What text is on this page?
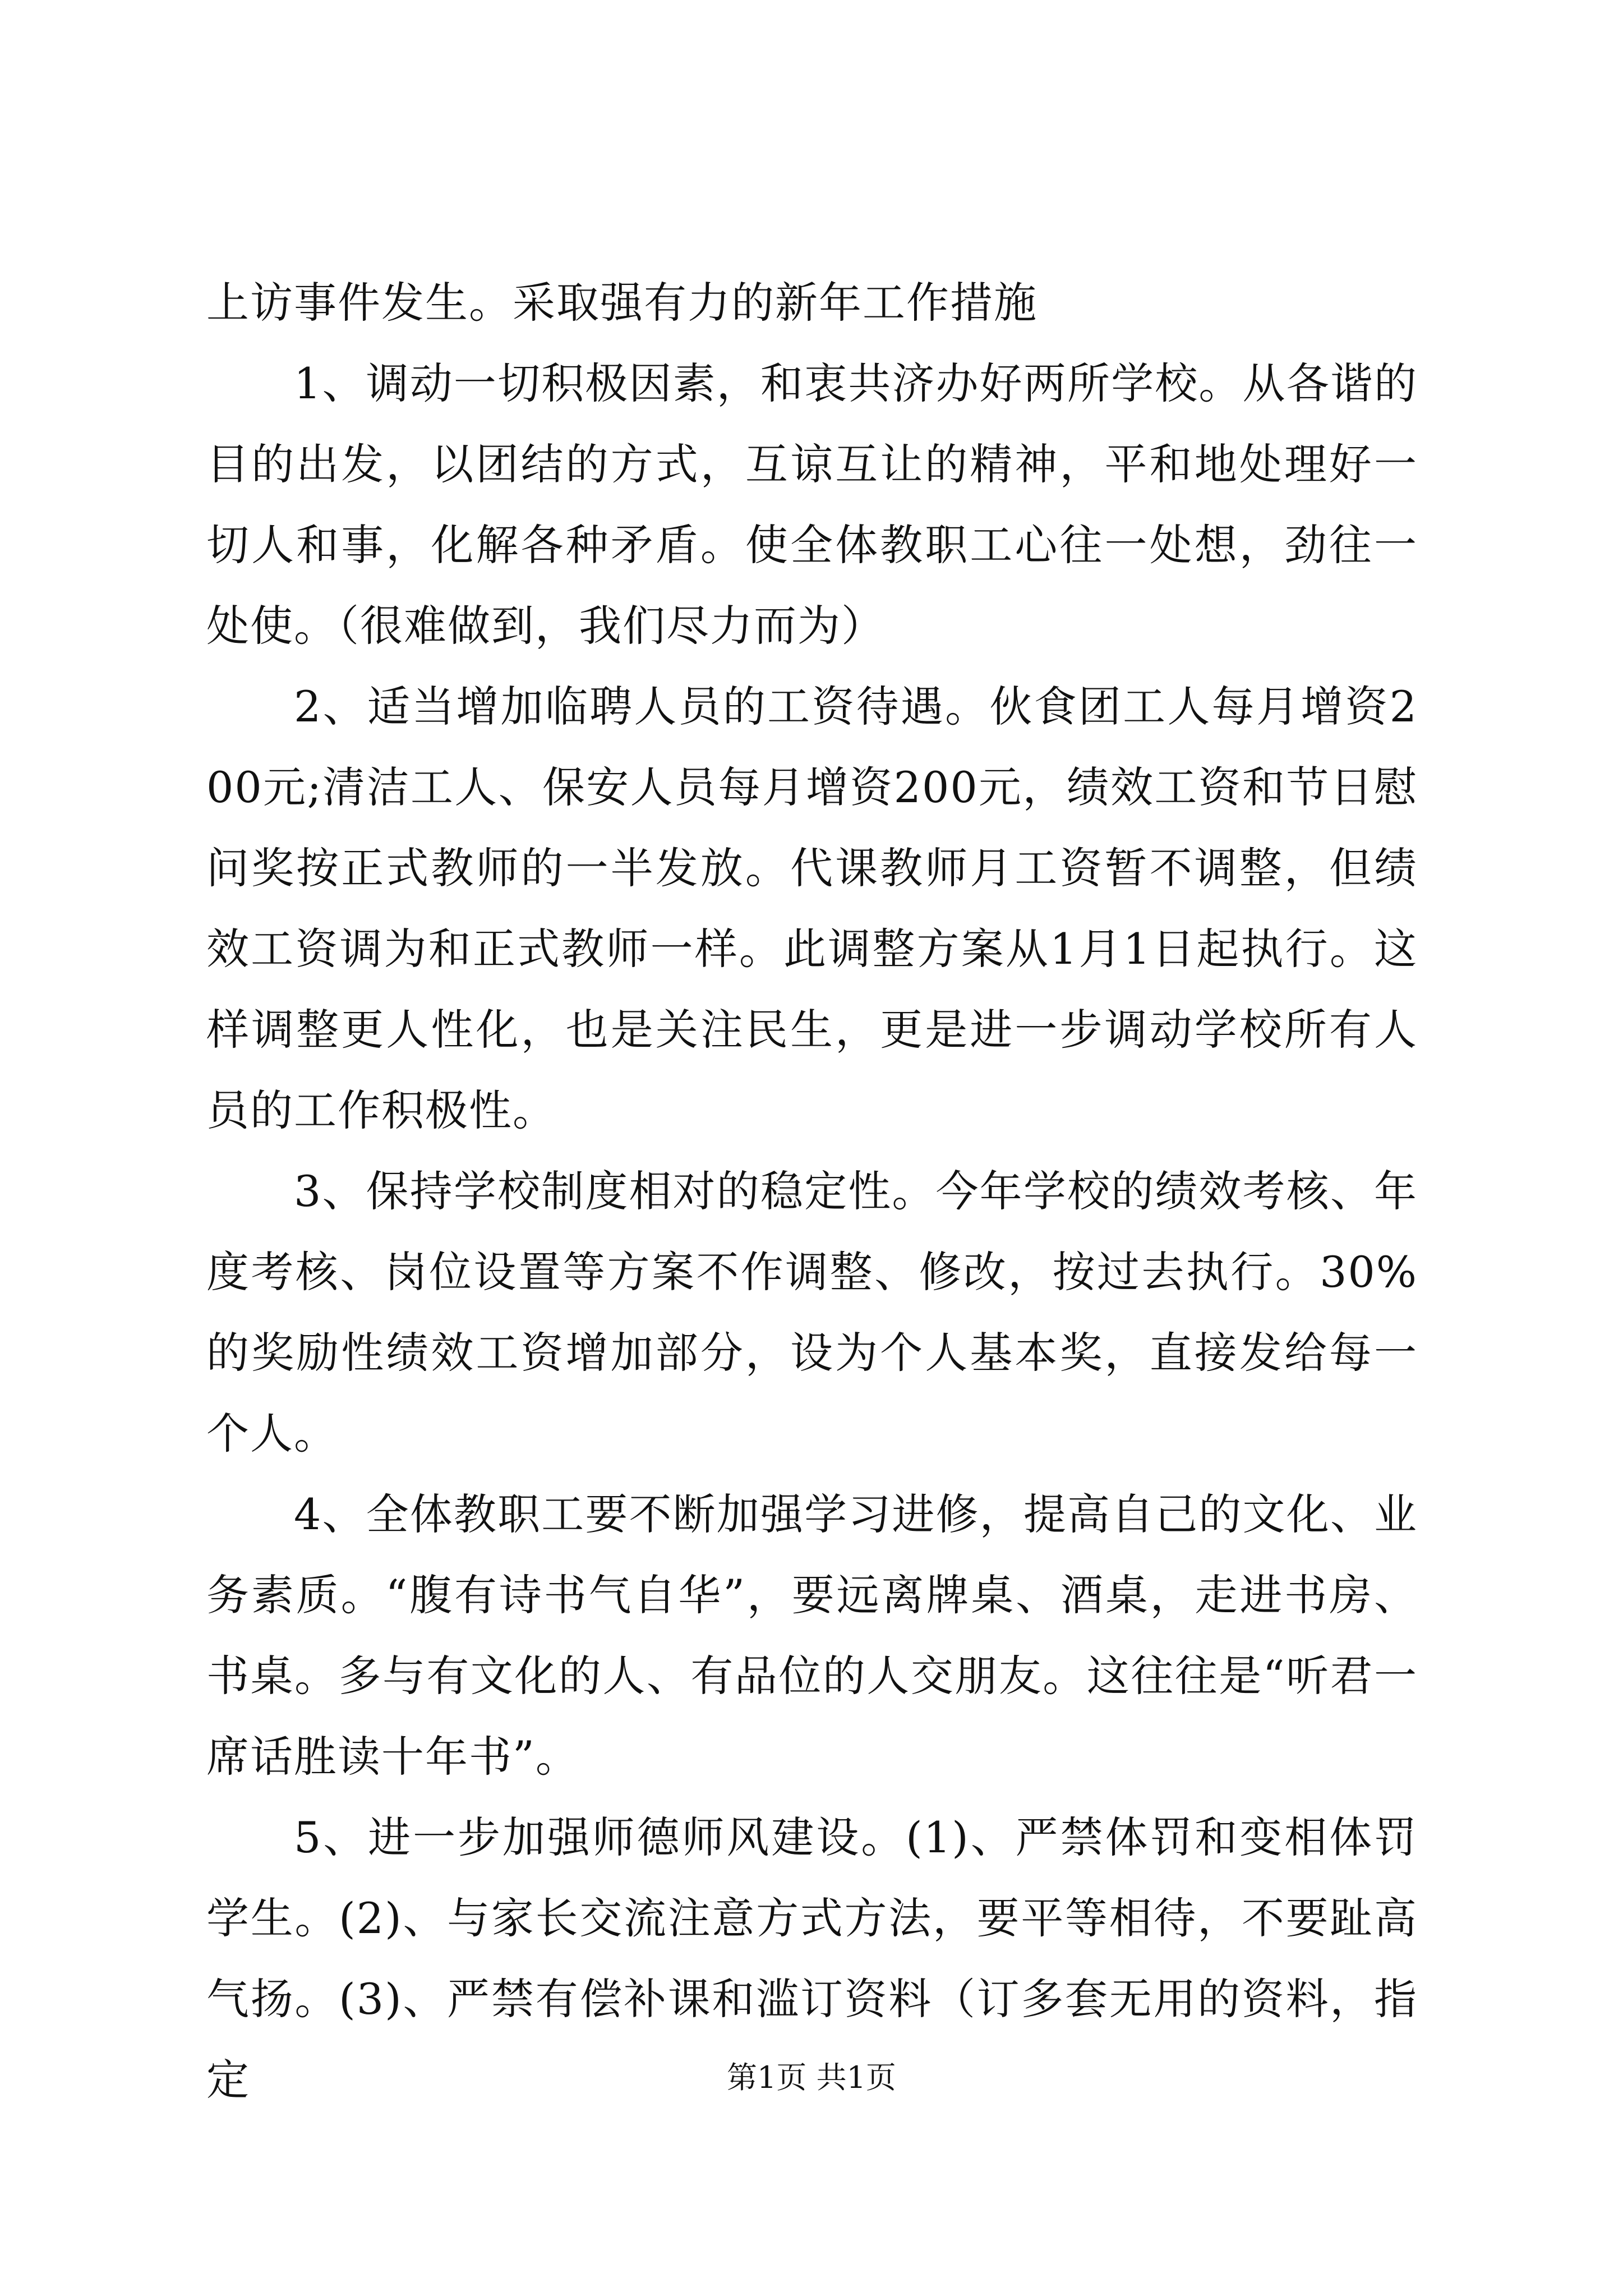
上访事件发生。采取强有力的新年工作措施

1、调动一切积极因素，和衷共济办好两所学校。从各谐的目的出发，以团结的方式，互谅互让的精神，平和地处理好一切人和事，化解各种矛盾。使全体教职工心往一处想，劲往一处使。（很难做到，我们尽力而为）

2、适当增加临聘人员的工资待遇。伙食团工人每月增资200元;清洁工人、保安人员每月增资200元，绩效工资和节日慰问奖按正式教师的一半发放。代课教师月工资暂不调整，但绩效工资调为和正式教师一样。此调整方案从1月1日起执行。这样调整更人性化，也是关注民生，更是进一步调动学校所有人员的工作积极性。

3、保持学校制度相对的稳定性。今年学校的绩效考核、年度考核、岗位设置等方案不作调整、修改，按过去执行。30%的奖励性绩效工资增加部分，设为个人基本奖，直接发给每一个人。

4、全体教职工要不断加强学习进修，提高自己的文化、业务素质。“腹有诗书气自华”，要远离牌桌、酒桌，走进书房、书桌。多与有文化的人、有品位的人交朋友。这往往是“听君一席话胜读十年书”。

5、进一步加强师德师风建设。(1)、严禁体罚和变相体罚学生。(2)、与家长交流注意方式方法，要平等相待，不要趾高气扬。(3)、严禁有偿补课和滥订资料（订多套无用的资料，指定	第1页 共1页
